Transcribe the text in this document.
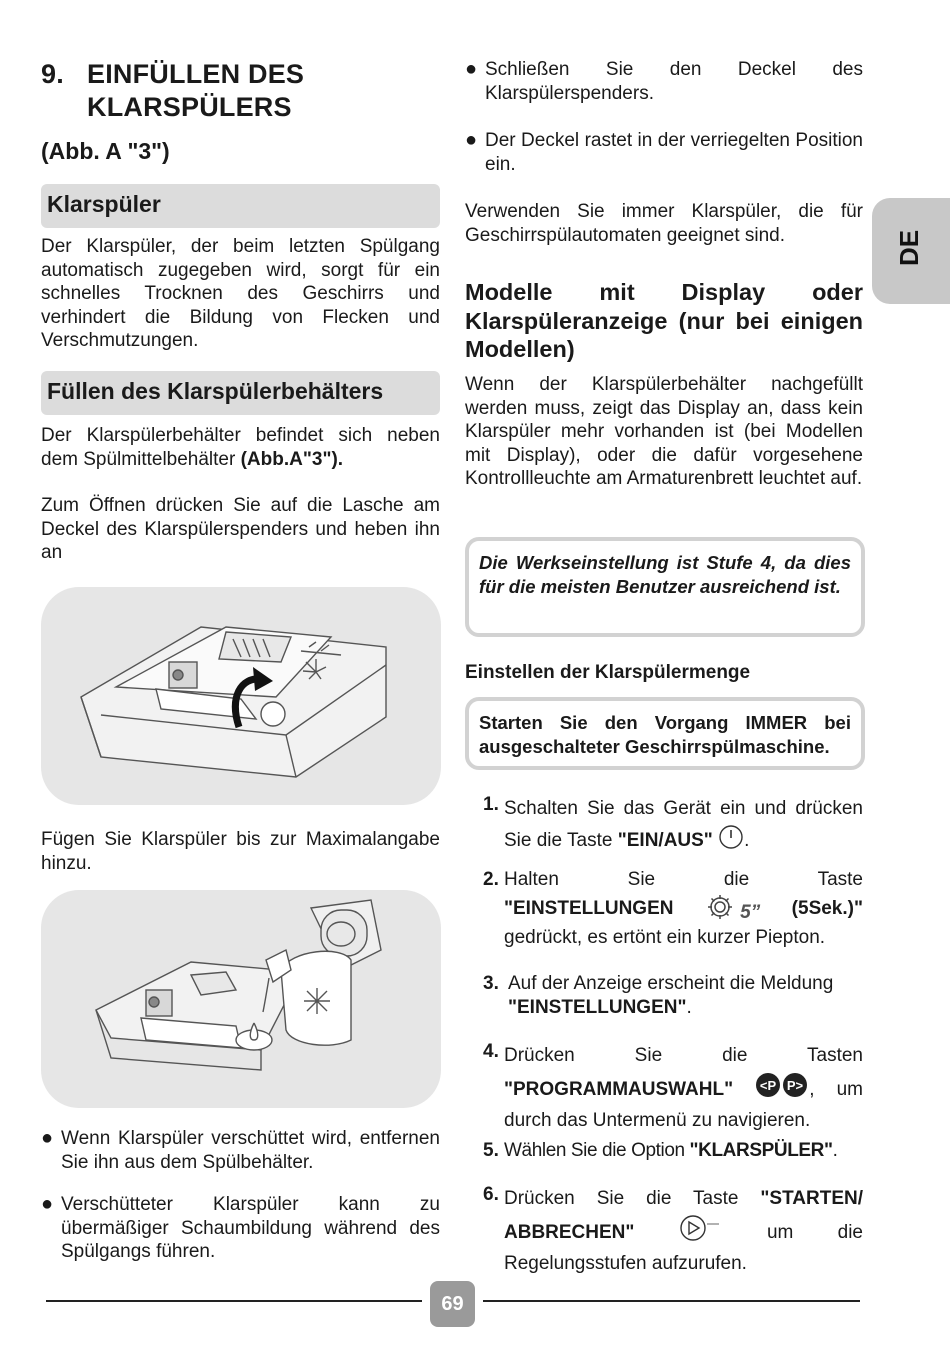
9. EINFÜLLEN DES
KLARSPÜLERS

(Abb. A "3")

Klarspüler

Der Klarspüler, der beim letzten Spülgang automatisch zugegeben wird, sorgt für ein schnelles Trocknen des Geschirrs und verhindert die Bildung von Flecken und Verschmutzungen.

Füllen des Klarspülerbehälters

Der Klarspülerbehälter befindet sich neben dem Spülmittelbehälter (Abb.A"3").

Zum Öffnen drücken Sie auf die Lasche am Deckel des Klarspülerspenders und heben ihn an

Fügen Sie Klarspüler bis zur Maximalangabe hinzu.

● Wenn Klarspüler verschüttet wird, entfernen Sie ihn aus dem Spülbehälter.
● Verschütteter Klarspüler kann zu übermäßiger Schaumbildung während des Spülgangs führen.
● Schließen Sie den Deckel des Klarspülerspenders.
● Der Deckel rastet in der verriegelten Position ein.

Verwenden Sie immer Klarspüler, die für Geschirrspülautomaten geeignet sind.

Modelle mit Display oder Klarspüleranzeige (nur bei einigen Modellen)

Wenn der Klarspülerbehälter nachgefüllt werden muss, zeigt das Display an, dass kein Klarspüler mehr vorhanden ist (bei Modellen mit Display), oder die dafür vorgesehene Kontrollleuchte am Armaturenbrett leuchtet auf.

Die Werkseinstellung ist Stufe 4, da dies für die meisten Benutzer ausreichend ist.

Einstellen der Klarspülermenge

Starten Sie den Vorgang IMMER bei ausgeschalteter Geschirrspülmaschine.
1. Schalten Sie das Gerät ein und drücken Sie die Taste "EIN/AUS" .
2. Halten Sie die Taste
"EINSTELLUNGEN	5” (5Sek.)"
gedrückt, es ertönt ein kurzer Piepton.
3. Auf der Anzeige erscheint die Meldung "EINSTELLUNGEN".
4. Drücken Sie die Tasten "PROGRAMMAUSWAHL" <P P> , um durch das Untermenü zu navigieren.
5. Wählen Sie die Option "KLARSPÜLER".
6. Drücken Sie die Taste "STARTEN/ ABBRECHEN"	um die Regelungsstufen aufzurufen.
DE
69
